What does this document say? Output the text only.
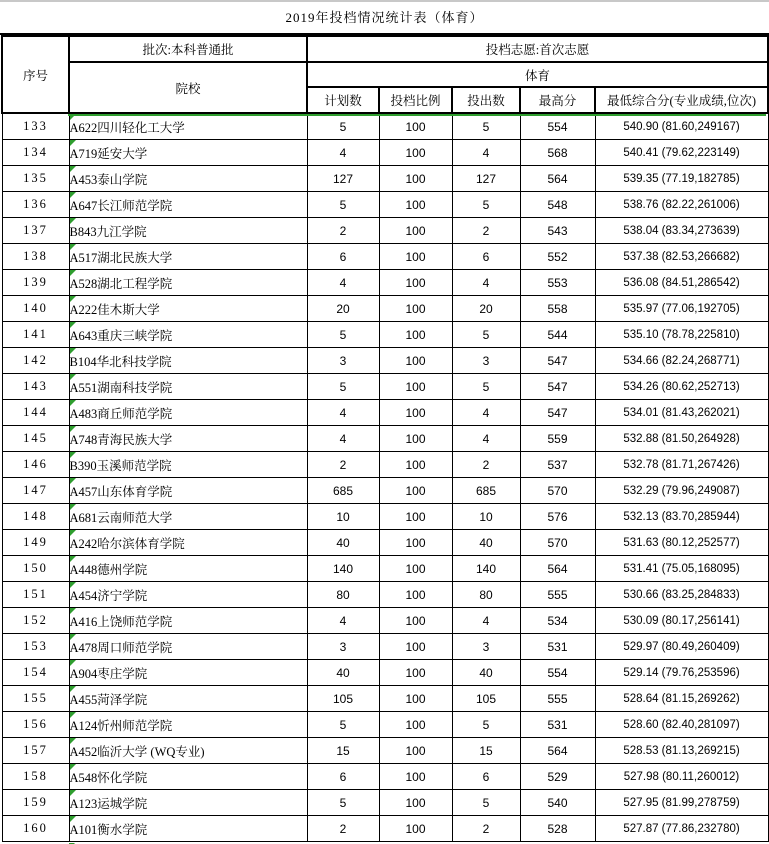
2019年投档情况统计表（体育）
序号	批次:本科普通批	投档志愿:首次志愿				
	院校	体育				
		计划数	投档比例	投出数	最高分	最低综合分(专业成绩,位次)
133	A622四川轻化工大学	5	100	5	554	540.90 (81.60,249167)
134	A719延安大学	4	100	4	568	540.41 (79.62,223149)
135	A453泰山学院	127	100	127	564	539.35 (77.19,182785)
136	A647长江师范学院	5	100	5	548	538.76 (82.22,261006)
137	B843九江学院	2	100	2	543	538.04 (83.34,273639)
138	A517湖北民族大学	6	100	6	552	537.38 (82.53,266682)
139	A528湖北工程学院	4	100	4	553	536.08 (84.51,286542)
140	A222佳木斯大学	20	100	20	558	535.97 (77.06,192705)
141	A643重庆三峡学院	5	100	5	544	535.10 (78.78,225810)
142	B104华北科技学院	3	100	3	547	534.66 (82.24,268771)
143	A551湖南科技学院	5	100	5	547	534.26 (80.62,252713)
144	A483商丘师范学院	4	100	4	547	534.01 (81.43,262021)
145	A748青海民族大学	4	100	4	559	532.88 (81.50,264928)
146	B390玉溪师范学院	2	100	2	537	532.78 (81.71,267426)
147	A457山东体育学院	685	100	685	570	532.29 (79.96,249087)
148	A681云南师范大学	10	100	10	576	532.13 (83.70,285944)
149	A242哈尔滨体育学院	40	100	40	570	531.63 (80.12,252577)
150	A448德州学院	140	100	140	564	531.41 (75.05,168095)
151	A454济宁学院	80	100	80	555	530.66 (83.25,284833)
152	A416上饶师范学院	4	100	4	534	530.09 (80.17,256141)
153	A478周口师范学院	3	100	3	531	529.97 (80.49,260409)
154	A904枣庄学院	40	100	40	554	529.14 (79.76,253596)
155	A455菏泽学院	105	100	105	555	528.64 (81.15,269262)
156	A124忻州师范学院	5	100	5	531	528.60 (82.40,281097)
157	A452临沂大学 (WQ专业)	15	100	15	564	528.53 (81.13,269215)
158	A548怀化学院	6	100	6	529	527.98 (80.11,260012)
159	A123运城学院	5	100	5	540	527.95 (81.99,278759)
160	A101衡水学院	2	100	2	528	527.87 (77.86,232780)
